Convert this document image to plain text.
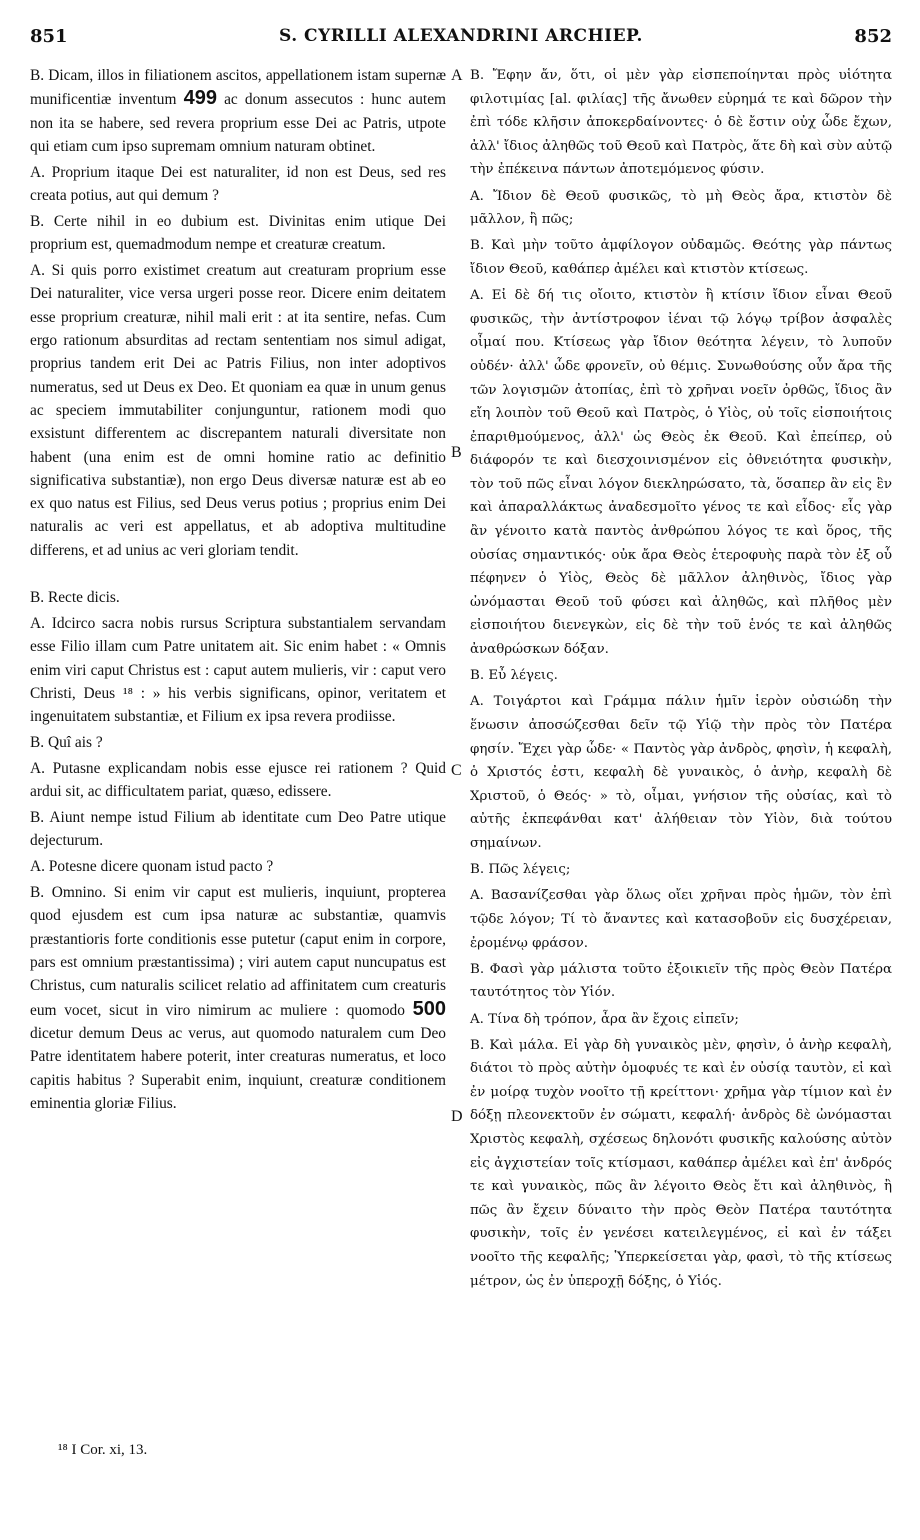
851	S. CYRILLI ALEXANDRINI ARCHIEP.	852
A
B
C
D

B. Dicam, illos in filiationem ascitos, appellationem istam supernæ munificentiæ inventum 499 ac donum assecutos : hunc autem non ita se habere, sed revera proprium esse Dei ac Patris, utpote qui etiam cum ipso supremam omnium naturam obtinet.

A. Proprium itaque Dei est naturaliter, id non est Deus, sed res creata potius, aut qui demum ?

B. Certe nihil in eo dubium est. Divinitas enim utique Dei proprium est, quemadmodum nempe et creaturæ creatum.

A. Si quis porro existimet creatum aut creaturam proprium esse Dei naturaliter, vice versa urgeri posse reor. Dicere enim deitatem esse proprium creaturæ, nihil mali erit : at ita sentire, nefas. Cum ergo rationum absurditas ad rectam sententiam nos simul adigat, proprius tandem erit Dei ac Patris Filius, non inter adoptivos numeratus, sed ut Deus ex Deo. Et quoniam ea quæ in unum genus ac speciem immutabiliter conjunguntur, rationem modi quo exsistunt differentem ac discrepantem naturali diversitate non habent (una enim est de omni homine ratio ac definitio significativa substantiæ), non ergo Deus diversæ naturæ est ab eo ex quo natus est Filius, sed Deus verus potius ; proprius enim Dei naturalis ac veri est appellatus, et ab adoptiva multitudine differens, et ad unius ac veri gloriam tendit.

B. Recte dicis.

A. Idcirco sacra nobis rursus Scriptura substantialem servandam esse Filio illam cum Patre unitatem ait. Sic enim habet : « Omnis enim viri caput Christus est : caput autem mulieris, vir : caput vero Christi, Deus ¹⁸ : » his verbis significans, opinor, veritatem et ingenuitatem substantiæ, et Filium ex ipsa revera prodiisse.

B. Quî ais ?

A. Putasne explicandam nobis esse ejusce rei rationem ? Quid ardui sit, ac difficultatem pariat, quæso, edissere.

B. Aiunt nempe istud Filium ab identitate cum Deo Patre utique dejecturum.

A. Potesne dicere quonam istud pacto ?

B. Omnino. Si enim vir caput est mulieris, inquiunt, propterea quod ejusdem est cum ipsa naturæ ac substantiæ, quamvis præstantioris forte conditionis esse putetur (caput enim in corpore, pars est omnium præstantissima) ; viri autem caput nuncupatus est Christus, cum naturalis scilicet relatio ad affinitatem cum creaturis eum vocet, sicut in viro nimirum ac muliere : quomodo 500 dicetur demum Deus ac verus, aut quomodo naturalem cum Deo Patre identitatem habere poterit, inter creaturas numeratus, et loco capitis habitus ? Superabit enim, inquiunt, creaturæ conditionem eminentia gloriæ Filius.

B. Ἔφην ἄν, ὅτι, οἱ μὲν γὰρ εἰσπεποίηνται πρὸς υἱότητα φιλοτιμίας [al. φιλίας] τῆς ἄνωθεν εὑρημά τε καὶ δῶρον τὴν ἐπὶ τόδε κλῆσιν ἀποκερδαίνοντες· ὁ δὲ ἔστιν οὐχ ὧδε ἔχων, ἀλλ' ἴδιος ἀληθῶς τοῦ Θεοῦ καὶ Πατρὸς, ἅτε δὴ καὶ σὺν αὐτῷ τὴν ἐπέκεινα πάντων ἀποτεμόμενος φύσιν.

A. Ἴδιον δὲ Θεοῦ φυσικῶς, τὸ μὴ Θεὸς ἄρα, κτιστὸν δὲ μᾶλλον, ἢ πῶς;

B. Καὶ μὴν τοῦτο ἀμφίλογον οὐδαμῶς. Θεότης γὰρ πάντως ἴδιον Θεοῦ, καθάπερ ἀμέλει καὶ κτιστὸν κτίσεως.

A. Εἰ δὲ δή τις οἴοιτο, κτιστὸν ἢ κτίσιν ἴδιον εἶναι Θεοῦ φυσικῶς, τὴν ἀντίστροφον ἰέναι τῷ λόγῳ τρίβον ἀσφαλὲς οἶμαί που. Κτίσεως γὰρ ἴδιον θεότητα λέγειν, τὸ λυποῦν οὐδέν· ἀλλ' ὧδε φρονεῖν, οὐ θέμις. Συνωθούσης οὖν ἄρα τῆς τῶν λογισμῶν ἀτοπίας, ἐπὶ τὸ χρῆναι νοεῖν ὀρθῶς, ἴδιος ἂν εἴη λοιπὸν τοῦ Θεοῦ καὶ Πατρὸς, ὁ Υἱὸς, οὐ τοῖς εἰσποιήτοις ἐπαριθμούμενος, ἀλλ' ὡς Θεὸς ἐκ Θεοῦ. Καὶ ἐπείπερ, οὐ διάφορόν τε καὶ διεσχοινισμένον εἰς ὀθνειότητα φυσικὴν, τὸν τοῦ πῶς εἶναι λόγον διεκληρώσατο, τὰ, ὅσαπερ ἂν εἰς ἓν καὶ ἀπαραλλάκτως ἀναδεσμοῖτο γένος τε καὶ εἶδος· εἷς γὰρ ἂν γένοιτο κατὰ παντὸς ἀνθρώπου λόγος τε καὶ ὅρος, τῆς οὐσίας σημαντικός· οὐκ ἄρα Θεὸς ἑτεροφυὴς παρὰ τὸν ἐξ οὗ πέφηνεν ὁ Υἱὸς, Θεὸς δὲ μᾶλλον ἀληθινὸς, ἴδιος γὰρ ὠνόμασται Θεοῦ τοῦ φύσει καὶ ἀληθῶς, καὶ πλῆθος μὲν εἰσποιήτου διενεγκὼν, εἰς δὲ τὴν τοῦ ἑνός τε καὶ ἀληθῶς ἀναθρώσκων δόξαν.

B. Εὖ λέγεις.

A. Τοιγάρτοι καὶ Γράμμα πάλιν ἡμῖν ἱερὸν οὐσιώδη τὴν ἕνωσιν ἀποσώζεσθαι δεῖν τῷ Υἱῷ τὴν πρὸς τὸν Πατέρα φησίν. Ἔχει γὰρ ὧδε· « Παντὸς γὰρ ἀνδρὸς, φησὶν, ἡ κεφαλὴ, ὁ Χριστός ἐστι, κεφαλὴ δὲ γυναικὸς, ὁ ἀνὴρ, κεφαλὴ δὲ Χριστοῦ, ὁ Θεός· » τὸ, οἶμαι, γνήσιον τῆς οὐσίας, καὶ τὸ αὐτῆς ἐκπεφάνθαι κατ' ἀλήθειαν τὸν Υἱὸν, διὰ τούτου σημαίνων.

B. Πῶς λέγεις;

A. Βασανίζεσθαι γὰρ ὅλως οἴει χρῆναι πρὸς ἡμῶν, τὸν ἐπὶ τῷδε λόγον; Τί τὸ ἄναντες καὶ κατασοβοῦν εἰς δυσχέρειαν, ἐρομένῳ φράσον.

B. Φασὶ γὰρ μάλιστα τοῦτο ἐξοικιεῖν τῆς πρὸς Θεὸν Πατέρα ταυτότητος τὸν Υἱόν.

A. Τίνα δὴ τρόπον, ἆρα ἂν ἔχοις εἰπεῖν;

B. Καὶ μάλα. Εἰ γὰρ δὴ γυναικὸς μὲν, φησὶν, ὁ ἀνὴρ κεφαλὴ, διάτοι τὸ πρὸς αὐτὴν ὁμοφυές τε καὶ ἐν οὐσίᾳ ταυτὸν, εἰ καὶ ἐν μοίρᾳ τυχὸν νοοῖτο τῇ κρείττονι· χρῆμα γὰρ τίμιον καὶ ἐν δόξῃ πλεονεκτοῦν ἐν σώματι, κεφαλή· ἀνδρὸς δὲ ὠνόμασται Χριστὸς κεφαλὴ, σχέσεως δηλονότι φυσικῆς καλούσης αὐτὸν εἰς ἀγχιστείαν τοῖς κτίσμασι, καθάπερ ἀμέλει καὶ ἐπ' ἀνδρός τε καὶ γυναικὸς, πῶς ἂν λέγοιτο Θεὸς ἔτι καὶ ἀληθινὸς, ἢ πῶς ἂν ἔχειν δύναιτο τὴν πρὸς Θεὸν Πατέρα ταυτότητα φυσικὴν, τοῖς ἐν γενέσει κατειλεγμένος, εἰ καὶ ἐν τάξει νοοῖτο τῆς κεφαλῆς; Ὑπερκείσεται γὰρ, φασὶ, τὸ τῆς κτίσεως μέτρον, ὡς ἐν ὑπεροχῇ δόξης, ὁ Υἱός.

¹⁸ I Cor. xi, 13.
